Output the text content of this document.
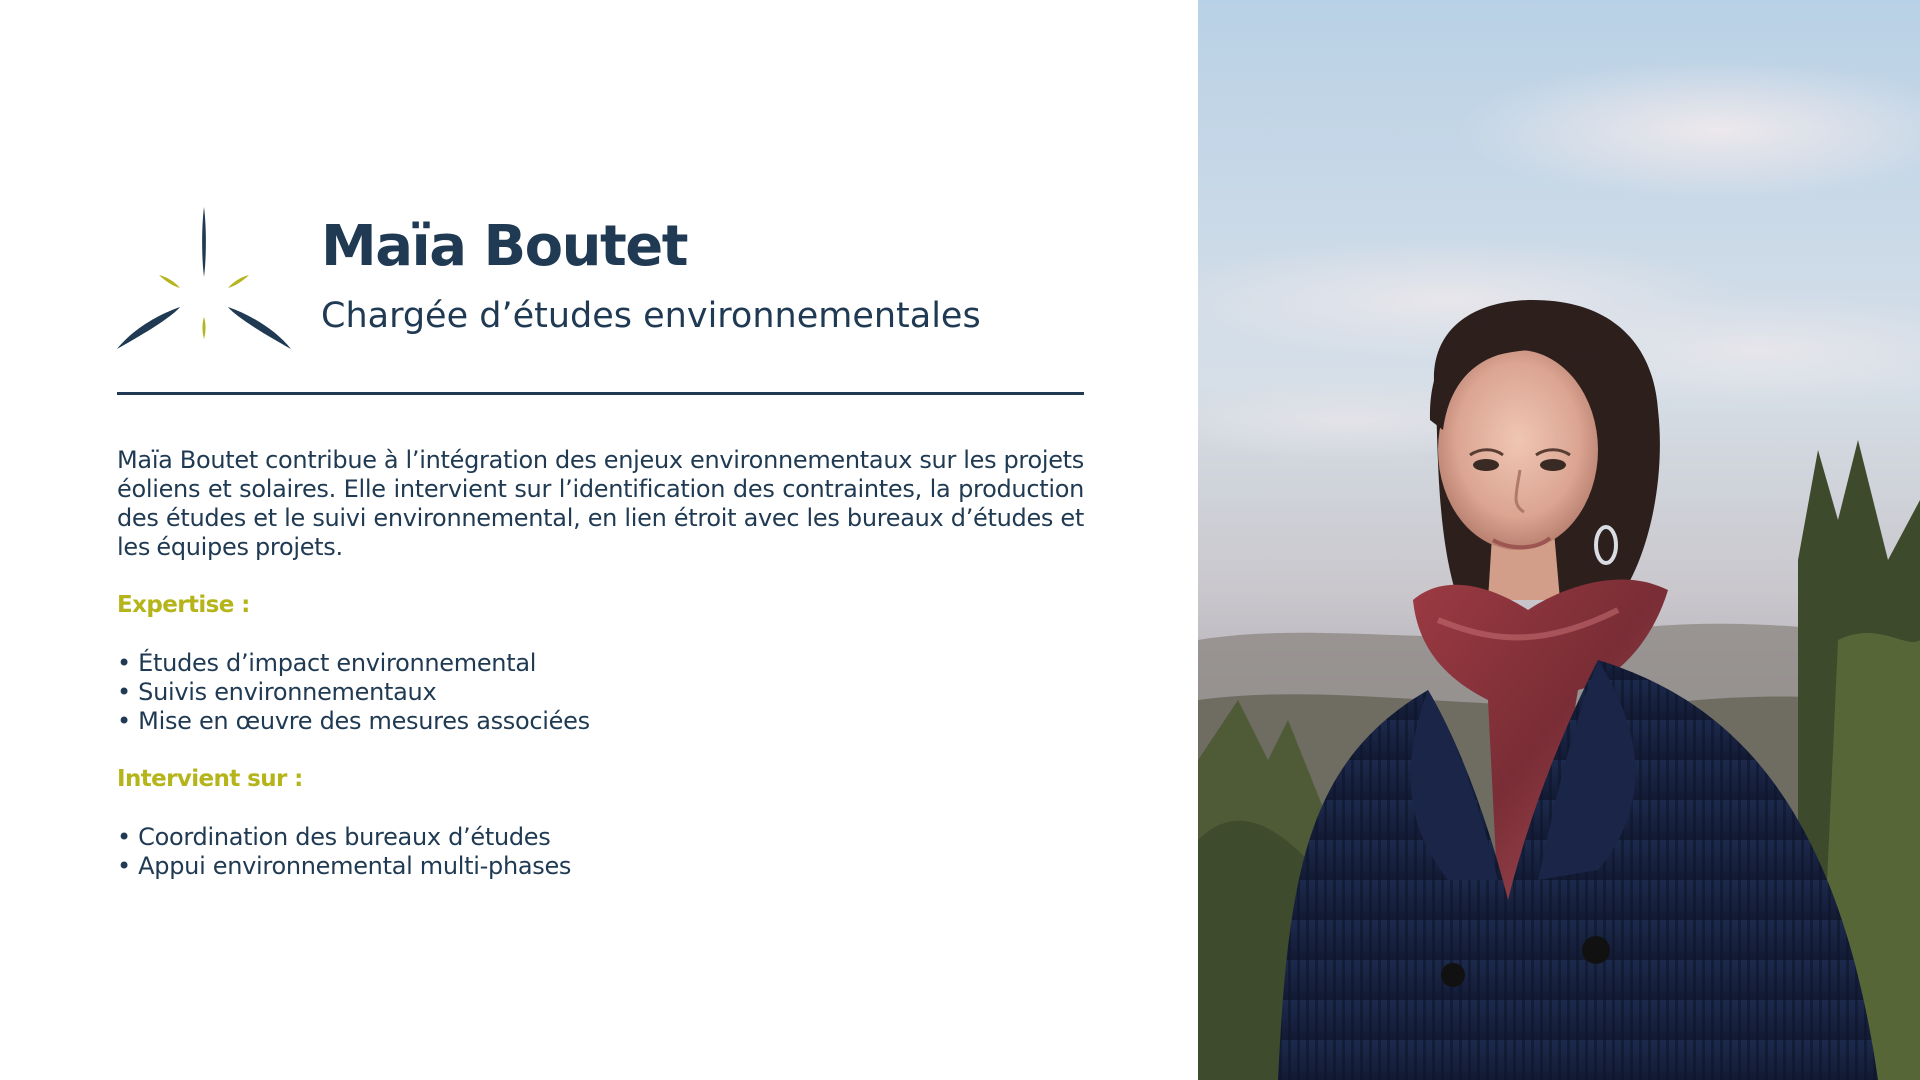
Maïa Boutet
Chargée d’études environnementales

Maïa Boutet contribue à l’intégration des enjeux environnementaux sur les projets éoliens et solaires. Elle intervient sur l’identification des contraintes, la production des études et le suivi environnemental, en lien étroit avec les bureaux d’études et les équipes projets.

Expertise :
• Études d’impact environnemental
• Suivis environnementaux
• Mise en œuvre des mesures associées
Intervient sur :
• Coordination des bureaux d’études
• Appui environnemental multi-phases
